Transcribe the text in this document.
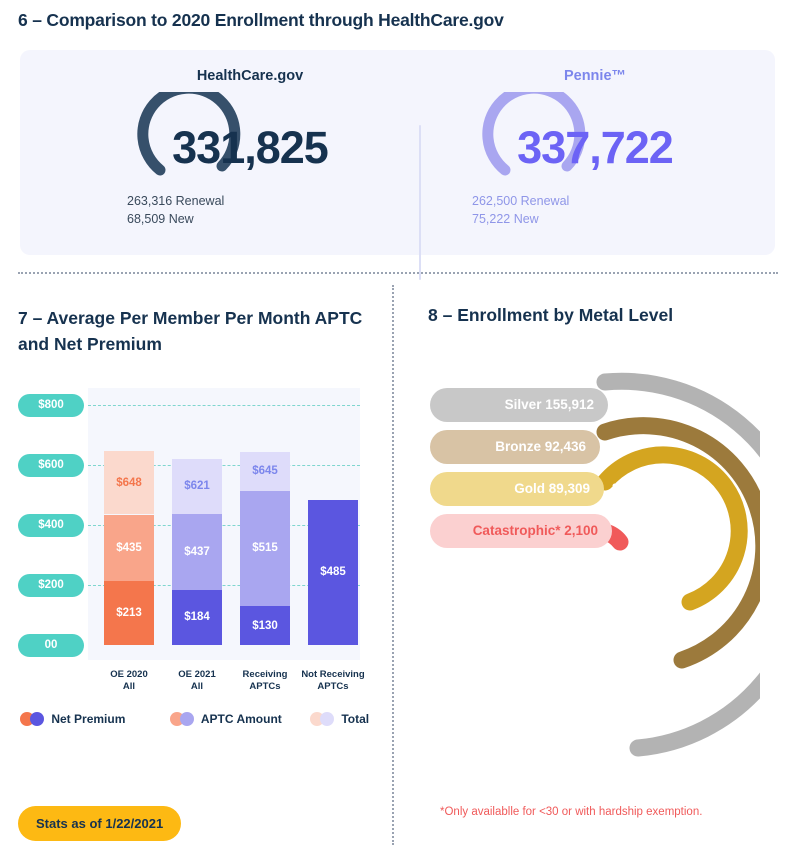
6 – Comparison to 2020 Enrollment through HealthCare.gov
HealthCare.gov
331,825
263,316 Renewal
68,509 New
Pennie™
337,722
262,500 Renewal
75,222 New
7 – Average Per Member Per Month APTC and Net Premium
$213
$435
$648
$184
$437
$621
$130
$515
$645
$485
00
$200
$400
$600
$800
OE 2020
All
OE 2021
All
Receiving
APTCs
Not Receiving
APTCs
Net Premium	APTC Amount	Total
Stats as of 1/22/2021
8 – Enrollment by Metal Level
Silver 155,912	46%
Bronze 92,436	27%
Gold 89,309	26%
Catastrophic* 2,100
*Only availablle for <30 or with hardship exemption.
